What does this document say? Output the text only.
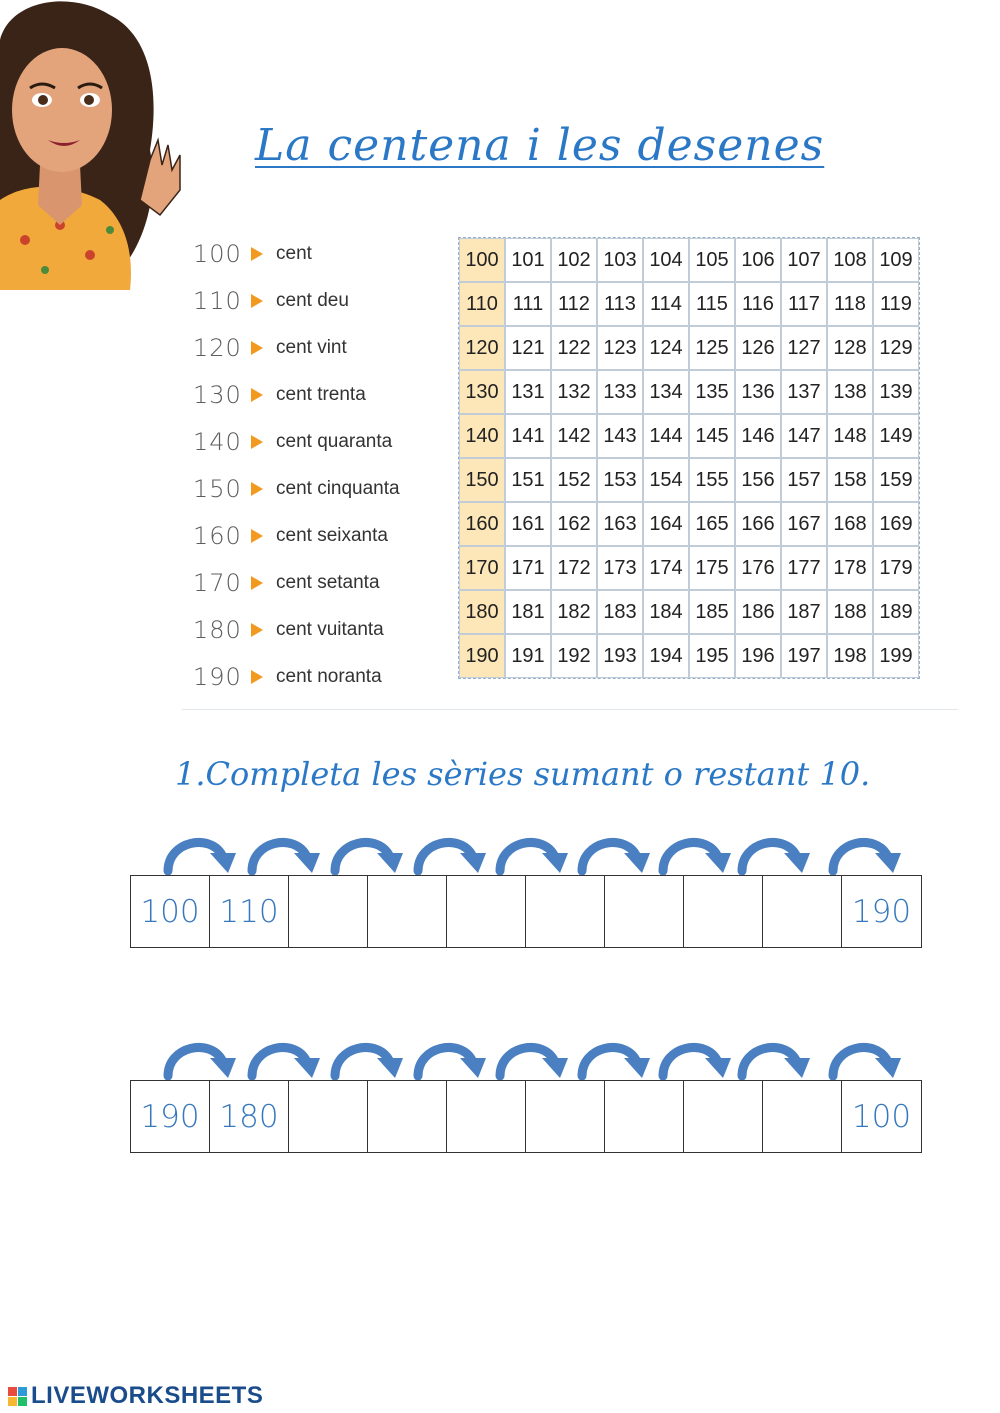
La centena i les desenes
100	cent
110	cent deu
120	cent vint
130	cent trenta
140	cent quaranta
150	cent cinquanta
160	cent seixanta
170	cent setanta
180	cent vuitanta
190	cent noranta
100 101 102 103 104 105 106 107 108 109
110 111 112 113 114 115 116 117 118 119
120 121 122 123 124 125 126 127 128 129
130 131 132 133 134 135 136 137 138 139
140 141 142 143 144 145 146 147 148 149
150 151 152 153 154 155 156 157 158 159
160 161 162 163 164 165 166 167 168 169
170 171 172 173 174 175 176 177 178 179
180 181 182 183 184 185 186 187 188 189
190 191 192 193 194 195 196 197 198 199
1.Completa les sèries sumant o restant 10.
100 110	190
190 180	100
LIVEWORKSHEETS
